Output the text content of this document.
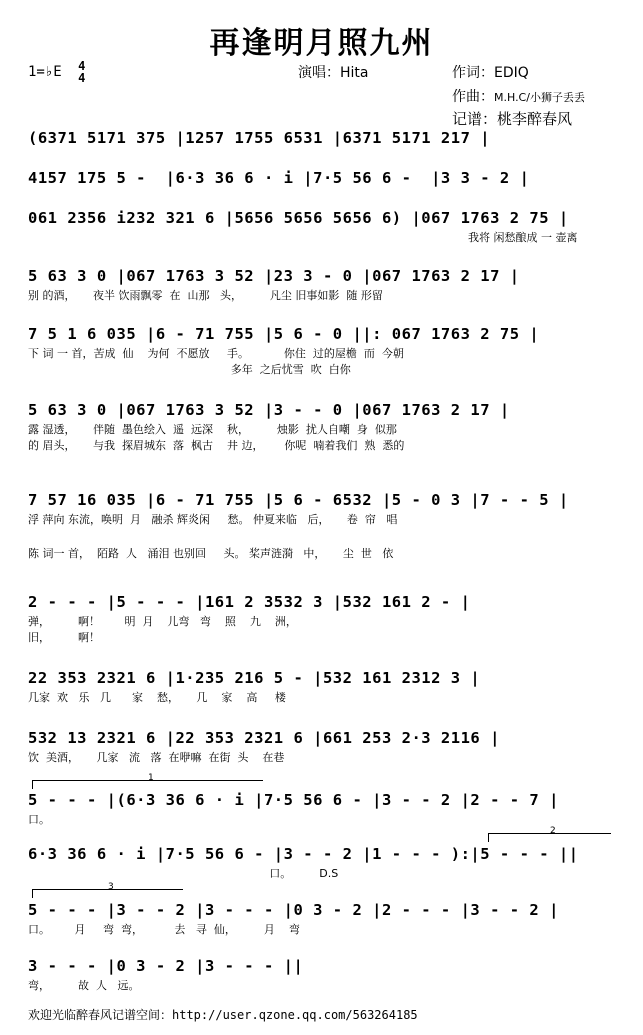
再逢明月照九州
1=♭E 4
4	演唱：Hita	作词：EDIQ
作曲：M.H.C/小狮子丢丢
记谱：桃李醉春风
(6371 5171 375 |1257 1755 6531 |6371 5171 217 |
4157 175 5 -  |6·3 36 6 · i |7·5 56 6 -  |3 3 - 2 |
061 2356 i232 321 6 |5656 5656 5656 6) |067 1763 2 75 |
我将 闲愁酿成 一 壶离
5 63 3 0 |067 1763 3 52 |23 3 - 0 |067 1763 2 17 |
别 的酒，     夜半 饮雨飘零  在  山那   头，        凡尘 旧事如影  随 形留
7 5 1 6 035 |6 - 71 755 |5 6 - 0 ||: 067 1763 2 75 |
下 词 一 首，苦成  仙    为何  不愿放     手。          你住  过的屋檐  而  今朝
多年  之后忧雪  吹  白你
5 63 3 0 |067 1763 3 52 |3 - - 0 |067 1763 2 17 |
露 湿透，     伴随  墨色绘入  遥  远深    秋，        烛影  扰人自嘲  身  似那
的 眉头，     与我  探眉城东  落  枫古    井 边，      你呢  喃着我们  熟  悉的
7 57 16 035 |6 - 71 755 |5 6 - 6532 |5 - 0 3 |7 - - 5 |
浮 萍向 东流，唤明  月   融杀 辉炎闲     愁。 仲夏来临   后，     卷  帘   唱
陈 词一 首，  陌路  人   涌泪 也别回     头。 桨声涟漪   中，     尘  世   依
2 - - - |5 - - - |161 2 3532 3 |532 161 2 - |
弹，        啊！       明  月    儿弯   弯    照    九    洲，
旧，        啊！
22 353 2321 6 |1·235 216 5 - |532 161 2312 3 |
几家  欢   乐   几      家    愁，     几    家    高     楼
532 13 2321 6 |22 353 2321 6 |661 253 2·3 2116 |
饮  美酒，     几家   流   落  在咿嘛  在街  头    在巷
1
5 - - - |(6·3 36 6 · i |7·5 56 6 - |3 - - 2 |2 - - 7 |
口。
2
6·3 36 6 · i |7·5 56 6 - |3 - - 2 |1 - - - ):|5 - - - ||
口。        D.S
3
5 - - - |3 - - 2 |3 - - - |0 3 - 2 |2 - - - |3 - - 2 |
口。       月     弯  弯，         去   寻  仙，        月    弯
3 - - - |0 3 - 2 |3 - - - ||
弯，        故  人   远。
欢迎光临醉春风记谱空间：http://user.qzone.qq.com/563264185
